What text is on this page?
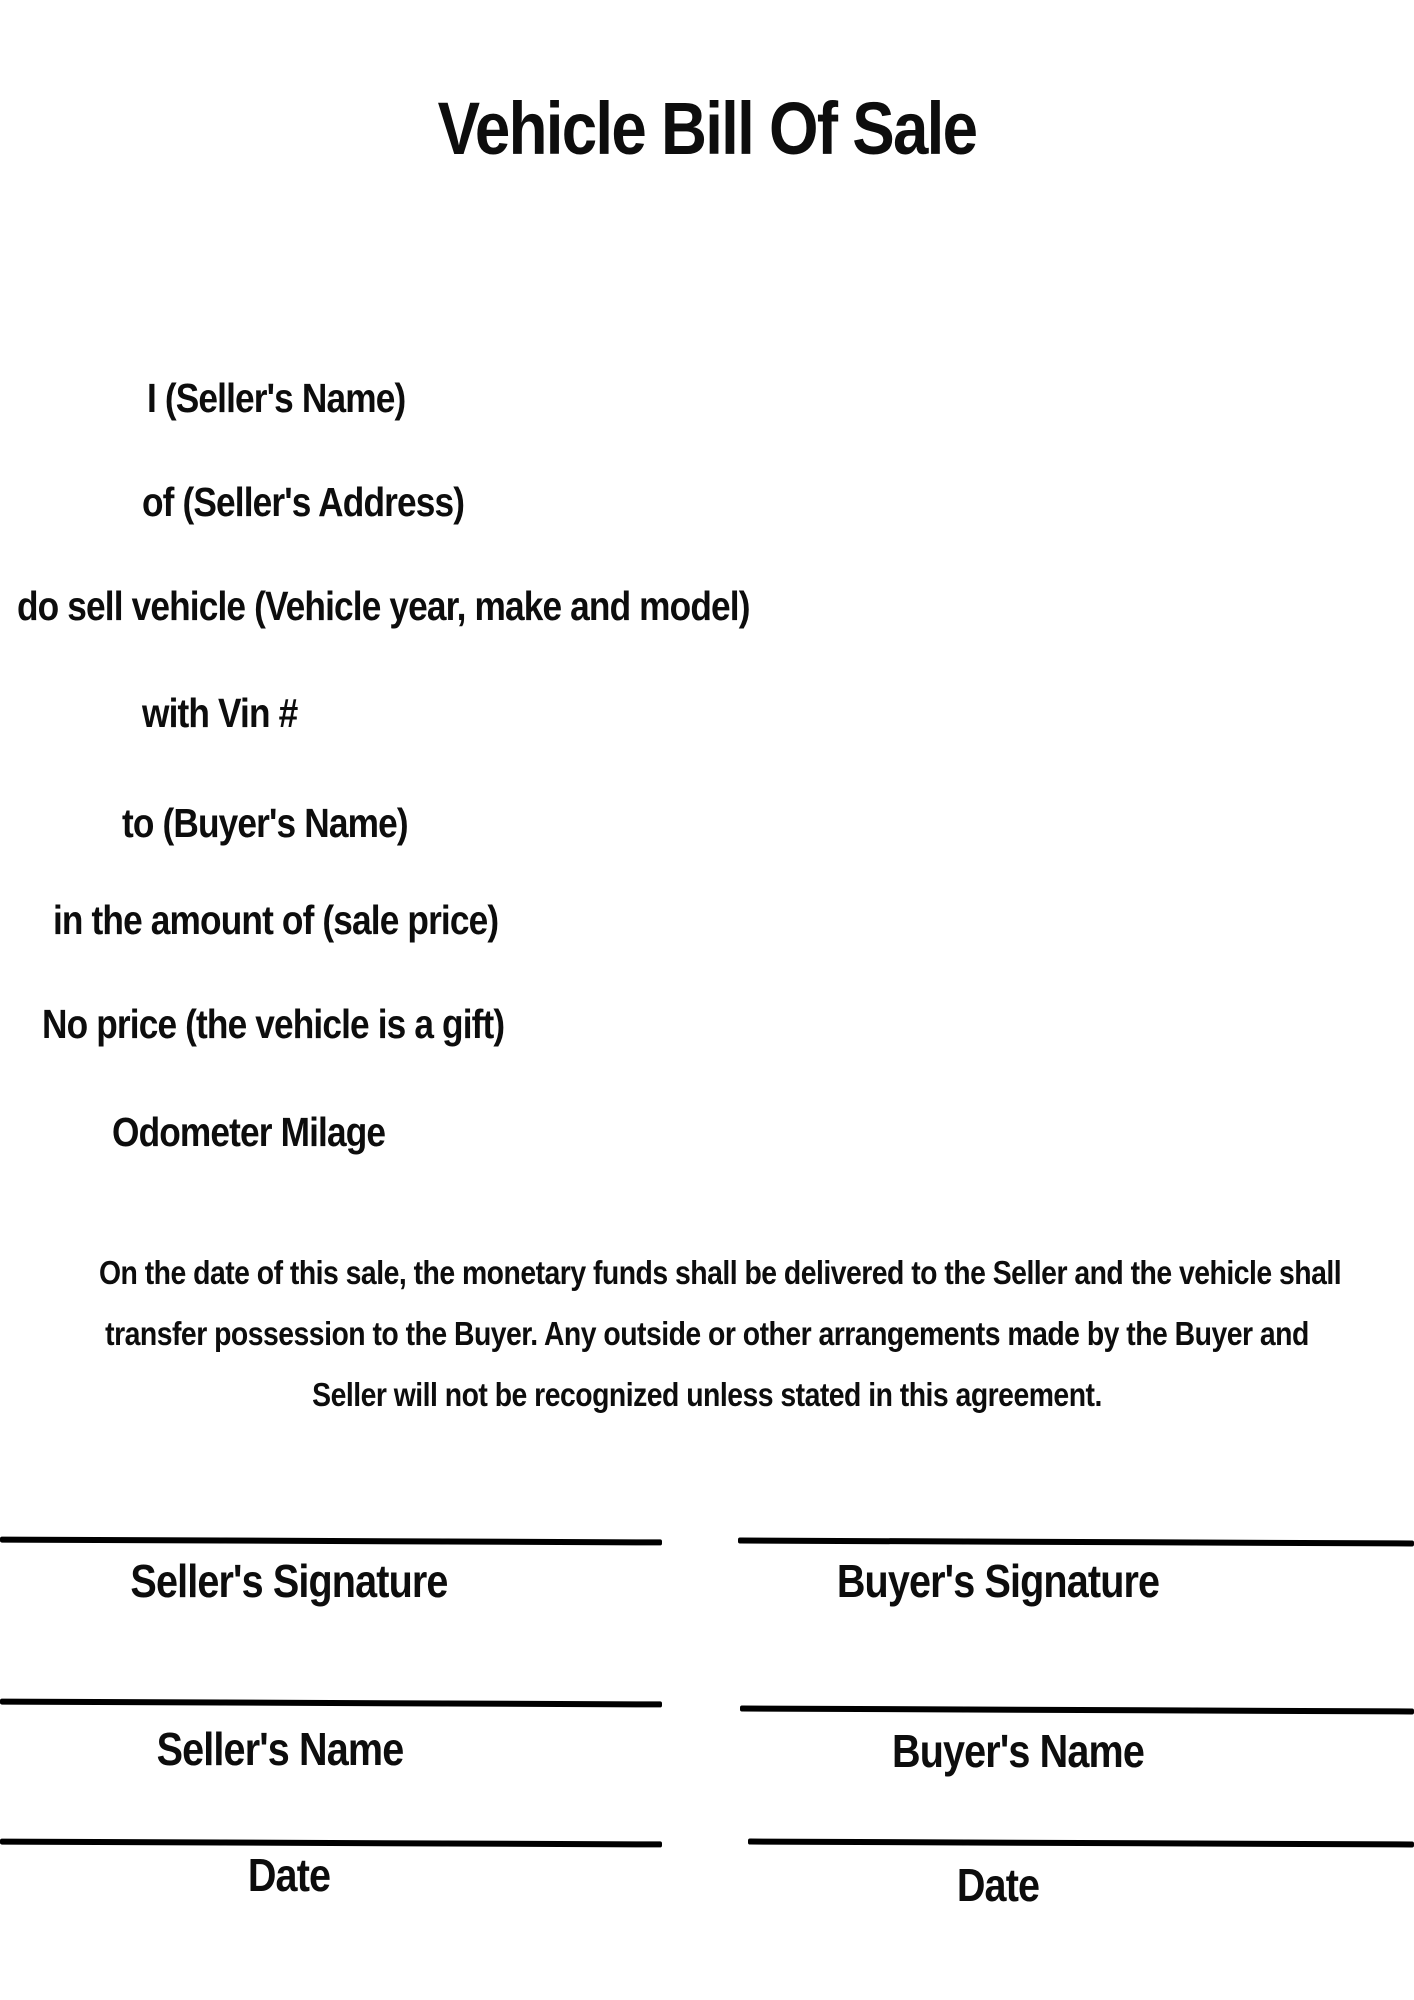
Vehicle Bill Of Sale
I (Seller's Name)
of (Seller's Address)
do sell vehicle (Vehicle year, make and model)
with Vin #
to (Buyer's Name)
in the amount of (sale price)
No price (the vehicle is a gift)
Odometer Milage
On the date of this sale, the monetary funds shall be delivered to the Seller and the vehicle shall
transfer possession to the Buyer. Any outside or other arrangements made by the Buyer and
Seller will not be recognized unless stated in this agreement.
Seller's Signature
Seller's Name
Date
Buyer's Signature
Buyer's Name
Date
